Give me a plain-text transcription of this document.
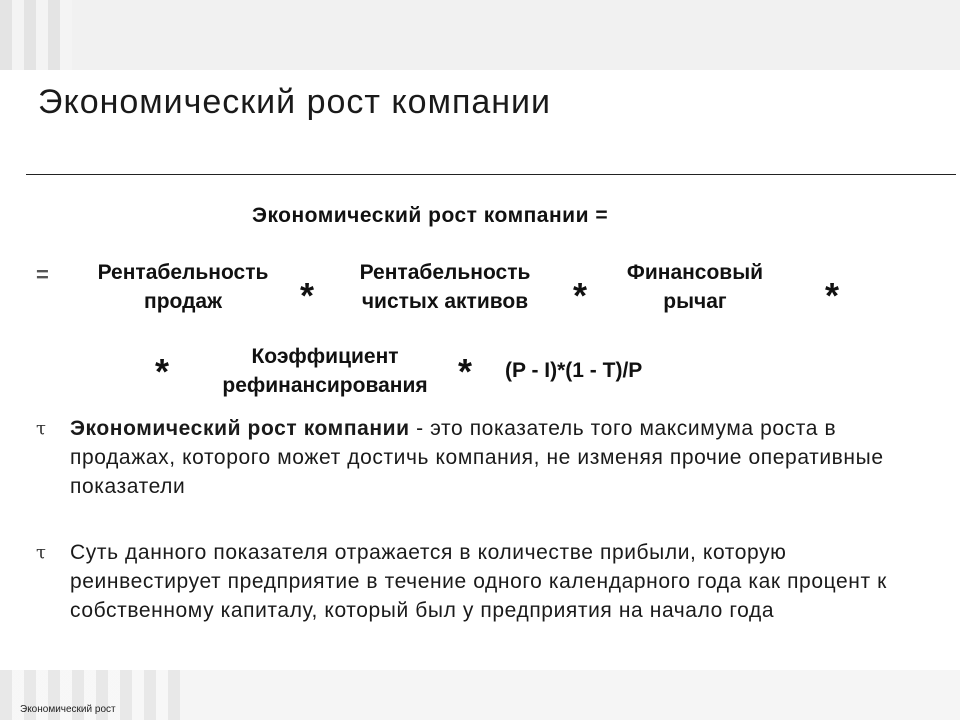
Экономический рост компании
Экономический рост компании =
=	Рентабельность
продаж	*
Рентабельность
чистых активов	*
Финансовый
рычаг	*
*	Коэффициент
рефинансирования * (P - I)*(1 - T)/P
τ Экономический рост компании - это показатель того максимума роста в продажах, которого может достичь компания, не изменяя прочие оперативные показатели
τ Суть данного показателя отражается в количестве прибыли, которую реинвестирует предприятие в течение одного календарного года как процент к собственному капиталу, который был у предприятия на начало года
Экономический рост
